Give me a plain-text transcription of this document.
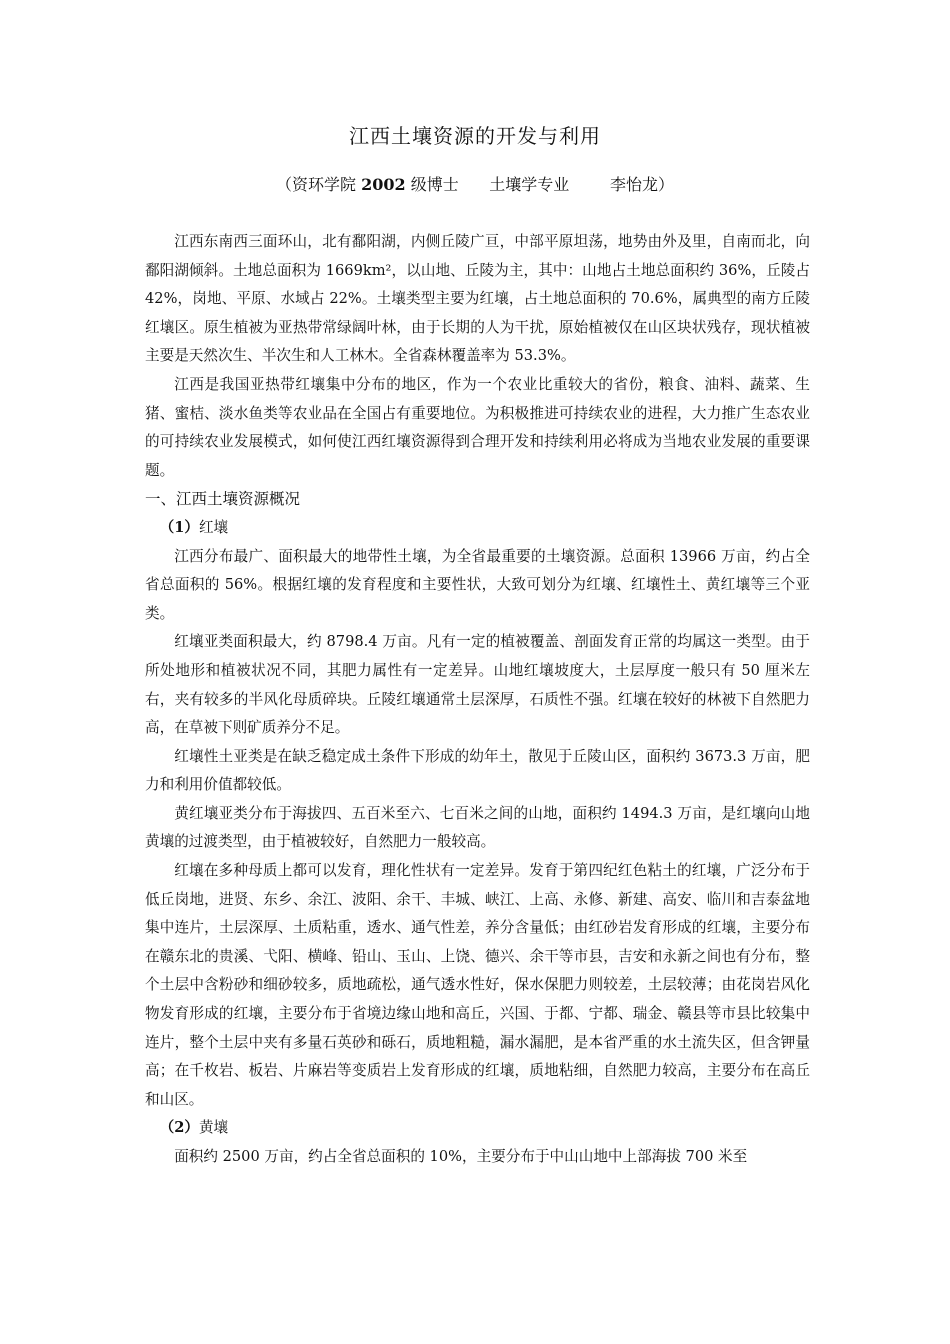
江西土壤资源的开发与利用
（资环学院 2002 级博士      土壤学专业        李怡龙）

江西东南西三面环山，北有鄱阳湖，内侧丘陵广亘，中部平原坦荡，地势由外及里，自南而北，向鄱阳湖倾斜。土地总面积为 1669km²，以山地、丘陵为主，其中：山地占土地总面积约 36%，丘陵占 42%，岗地、平原、水域占 22%。土壤类型主要为红壤，占土地总面积的 70.6%，属典型的南方丘陵红壤区。原生植被为亚热带常绿阔叶林，由于长期的人为干扰，原始植被仅在山区块状残存，现状植被主要是天然次生、半次生和人工林木。全省森林覆盖率为 53.3%。

江西是我国亚热带红壤集中分布的地区，作为一个农业比重较大的省份，粮食、油料、蔬菜、生猪、蜜桔、淡水鱼类等农业品在全国占有重要地位。为积极推进可持续农业的进程，大力推广生态农业的可持续农业发展模式，如何使江西红壤资源得到合理开发和持续利用必将成为当地农业发展的重要课题。

一、江西土壤资源概况

（1）红壤

江西分布最广、面积最大的地带性土壤，为全省最重要的土壤资源。总面积 13966 万亩，约占全省总面积的 56%。根据红壤的发育程度和主要性状，大致可划分为红壤、红壤性土、黄红壤等三个亚类。

红壤亚类面积最大，约 8798.4 万亩。凡有一定的植被覆盖、剖面发育正常的均属这一类型。由于所处地形和植被状况不同，其肥力属性有一定差异。山地红壤坡度大，土层厚度一般只有 50 厘米左右，夹有较多的半风化母质碎块。丘陵红壤通常土层深厚，石质性不强。红壤在较好的林被下自然肥力高，在草被下则矿质养分不足。

红壤性土亚类是在缺乏稳定成土条件下形成的幼年土，散见于丘陵山区，面积约 3673.3 万亩，肥力和利用价值都较低。

黄红壤亚类分布于海拔四、五百米至六、七百米之间的山地，面积约 1494.3 万亩，是红壤向山地黄壤的过渡类型，由于植被较好，自然肥力一般较高。

红壤在多种母质上都可以发育，理化性状有一定差异。发育于第四纪红色粘土的红壤，广泛分布于低丘岗地，进贤、东乡、余江、波阳、余干、丰城、峡江、上高、永修、新建、高安、临川和吉泰盆地集中连片，土层深厚、土质粘重，透水、通气性差，养分含量低；由红砂岩发育形成的红壤，主要分布在赣东北的贵溪、弋阳、横峰、铅山、玉山、上饶、德兴、余干等市县，吉安和永新之间也有分布，整个土层中含粉砂和细砂较多，质地疏松，通气透水性好，保水保肥力则较差，土层较薄；由花岗岩风化物发育形成的红壤，主要分布于省境边缘山地和高丘，兴国、于都、宁都、瑞金、赣县等市县比较集中连片，整个土层中夹有多量石英砂和砾石，质地粗糙，漏水漏肥，是本省严重的水土流失区，但含钾量高；在千枚岩、板岩、片麻岩等变质岩上发育形成的红壤，质地粘细，自然肥力较高，主要分布在高丘和山区。

（2）黄壤

面积约 2500 万亩，约占全省总面积的 10%，主要分布于中山山地中上部海拔 700 米至
